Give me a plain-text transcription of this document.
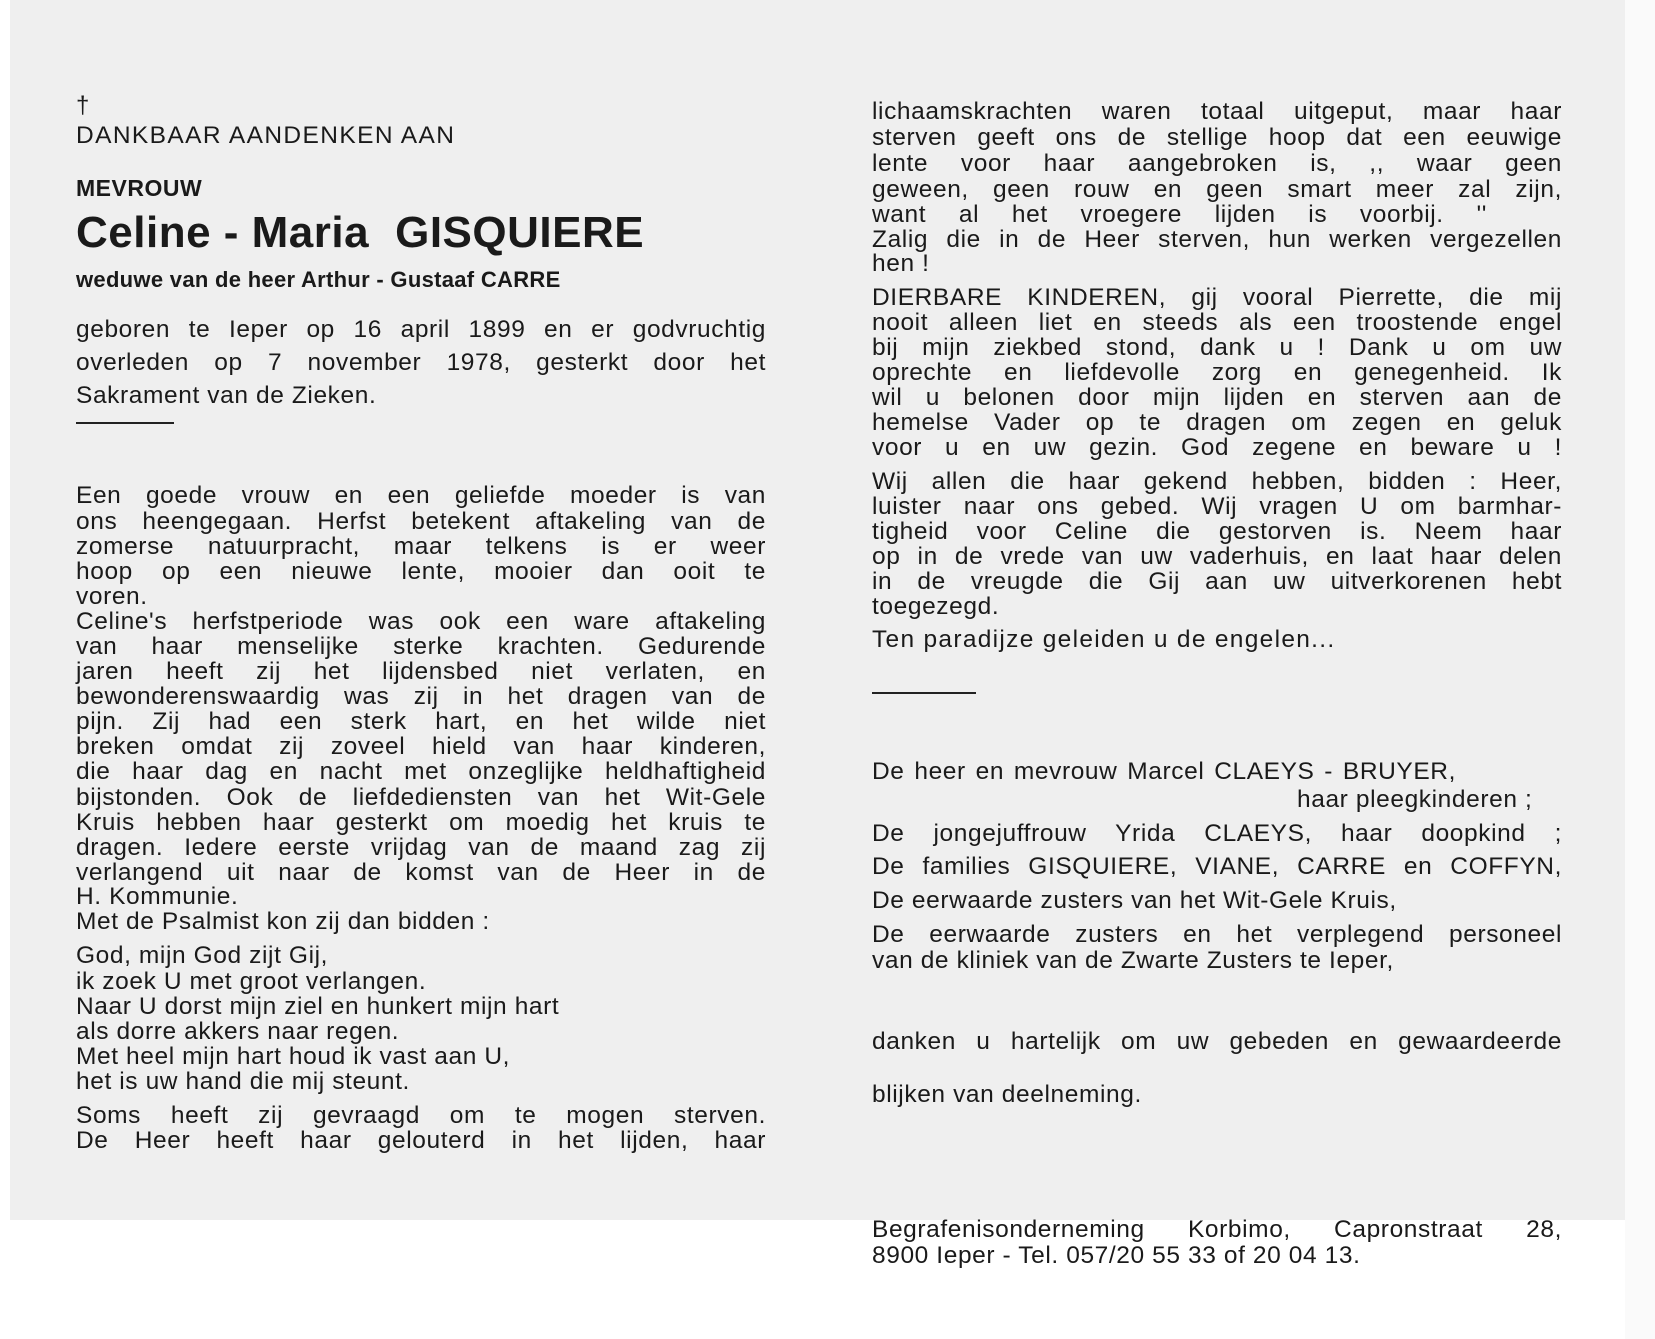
†
DANKBAAR AANDENKEN AAN
MEVROUW
Celine - Maria GISQUIERE
weduwe van de heer Arthur - Gustaaf CARRE
geboren te Ieper op 16 april 1899 en er godvruchtig
overleden op 7 november 1978, gesterkt door het
Sakrament van de Zieken.
Een goede vrouw en een geliefde moeder is van
ons heengegaan. Herfst betekent aftakeling van de
zomerse natuurpracht, maar telkens is er weer
hoop op een nieuwe lente, mooier dan ooit te
voren.
Celine's herfstperiode was ook een ware aftakeling
van haar menselijke sterke krachten. Gedurende
jaren heeft zij het lijdensbed niet verlaten, en
bewonderenswaardig was zij in het dragen van de
pijn. Zij had een sterk hart, en het wilde niet
breken omdat zij zoveel hield van haar kinderen,
die haar dag en nacht met onzeglijke heldhaftigheid
bijstonden. Ook de liefdediensten van het Wit-Gele
Kruis hebben haar gesterkt om moedig het kruis te
dragen. Iedere eerste vrijdag van de maand zag zij
verlangend uit naar de komst van de Heer in de
H. Kommunie.
Met de Psalmist kon zij dan bidden :
God, mijn God zijt Gij,
ik zoek U met groot verlangen.
Naar U dorst mijn ziel en hunkert mijn hart
als dorre akkers naar regen.
Met heel mijn hart houd ik vast aan U,
het is uw hand die mij steunt.
Soms heeft zij gevraagd om te mogen sterven.
De Heer heeft haar gelouterd in het lijden, haar
lichaamskrachten waren totaal uitgeput, maar haar
sterven geeft ons de stellige hoop dat een eeuwige
lente voor haar aangebroken is, ,, waar geen
geween, geen rouw en geen smart meer zal zijn,
want al het vroegere lijden is voorbij. ''
Zalig die in de Heer sterven, hun werken vergezellen
hen !
DIERBARE KINDEREN, gij vooral Pierrette, die mij
nooit alleen liet en steeds als een troostende engel
bij mijn ziekbed stond, dank u ! Dank u om uw
oprechte en liefdevolle zorg en genegenheid. Ik
wil u belonen door mijn lijden en sterven aan de
hemelse Vader op te dragen om zegen en geluk
voor u en uw gezin. God zegene en beware u !
Wij allen die haar gekend hebben, bidden : Heer,
luister naar ons gebed. Wij vragen U om barmhar-
tigheid voor Celine die gestorven is. Neem haar
op in de vrede van uw vaderhuis, en laat haar delen
in de vreugde die Gij aan uw uitverkorenen hebt
toegezegd.
Ten paradijze geleiden u de engelen...
De heer en mevrouw Marcel CLAEYS - BRUYER,
haar pleegkinderen ;
De jongejuffrouw Yrida CLAEYS, haar doopkind ;
De families GISQUIERE, VIANE, CARRE en COFFYN,
De eerwaarde zusters van het Wit-Gele Kruis,
De eerwaarde zusters en het verplegend personeel
van de kliniek van de Zwarte Zusters te Ieper,
danken u hartelijk om uw gebeden en gewaardeerde
blijken van deelneming.
Begrafenisonderneming Korbimo, Capronstraat 28,
8900 Ieper - Tel. 057/20 55 33 of 20 04 13.
